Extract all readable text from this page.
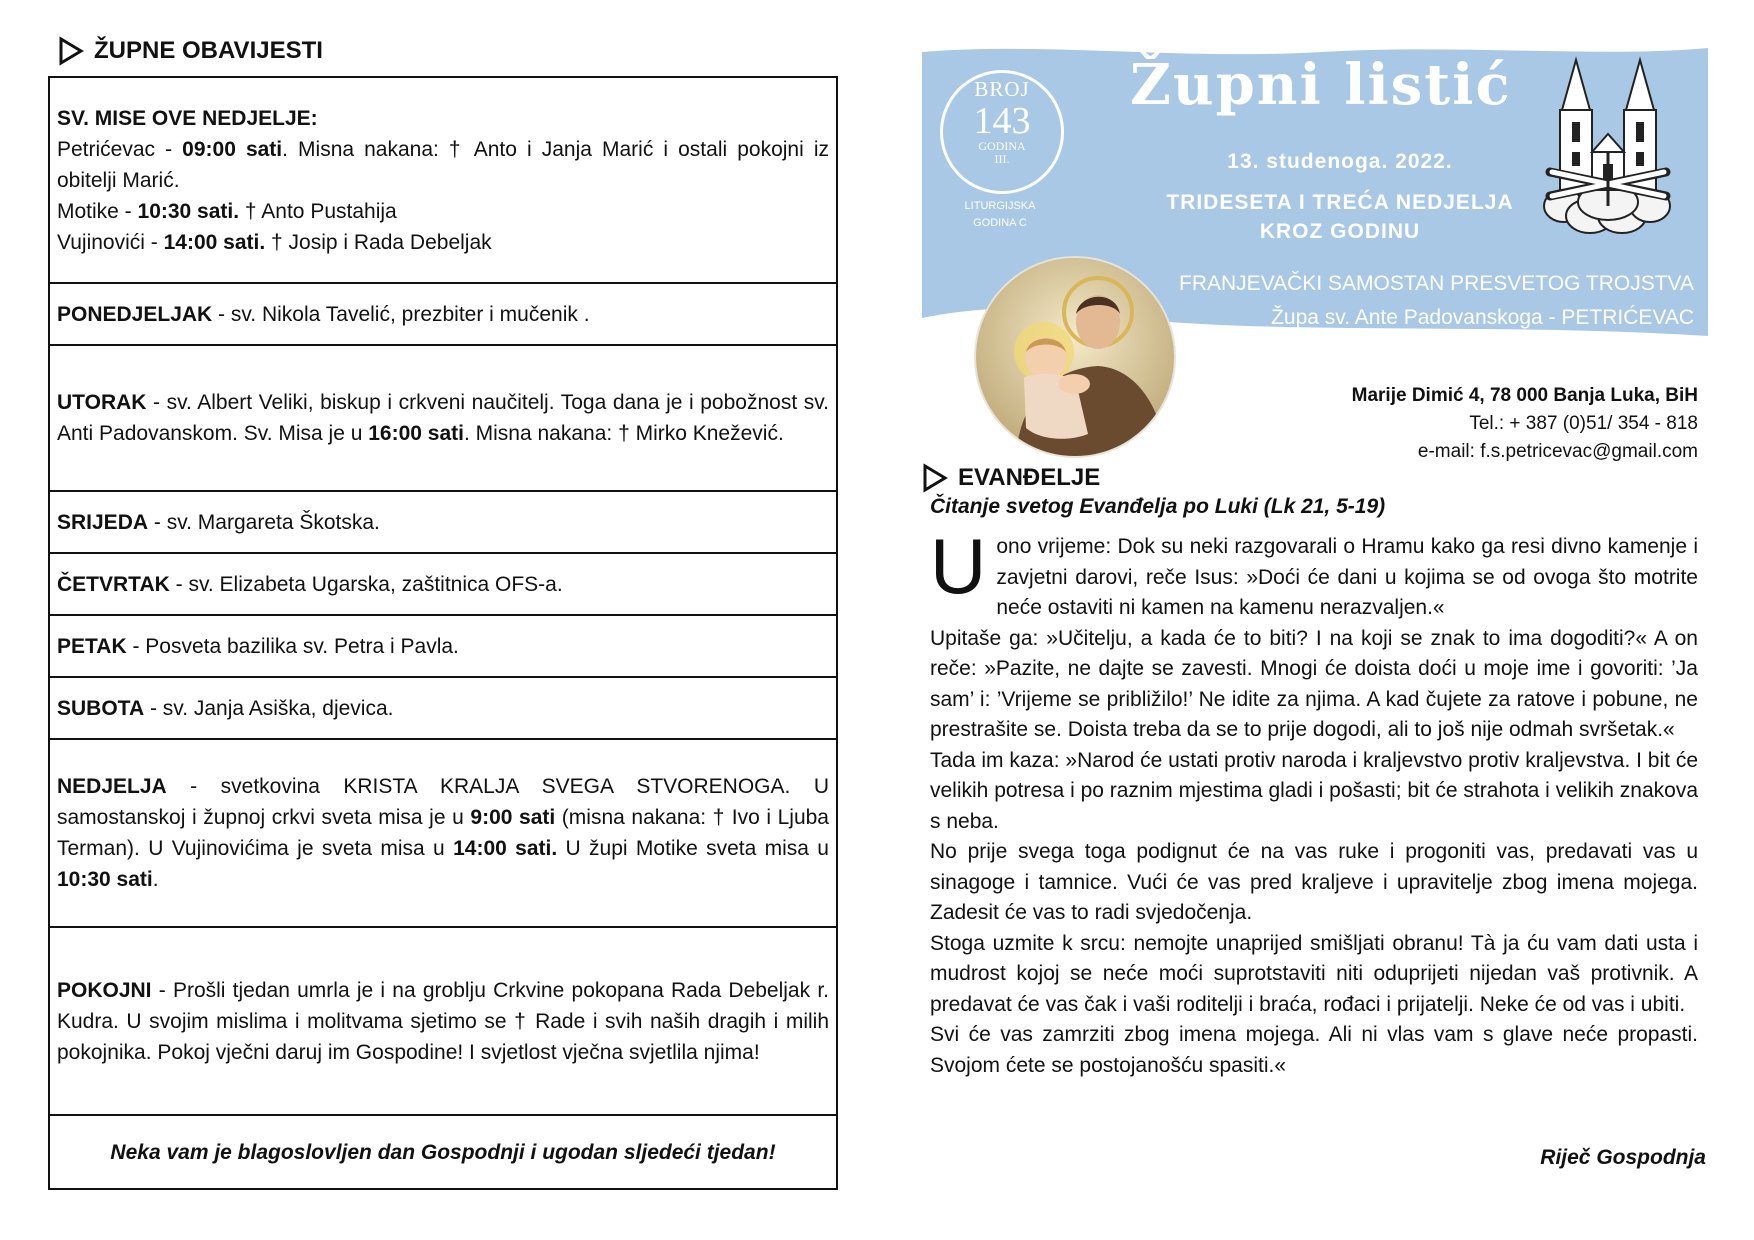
ŽUPNE OBAVIJESTI

SV. MISE OVE NEDJELJE:

Petrićevac - 09:00 sati. Misna nakana: † Anto i Janja Marić i ostali pokojni iz obitelji Marić.

Motike - 10:30 sati. † Anto Pustahija

Vujinovići - 14:00 sati. † Josip i Rada Debeljak

PONEDJELJAK - sv. Nikola Tavelić, prezbiter i mučenik .

UTORAK - sv. Albert Veliki, biskup i crkveni naučitelj. Toga dana je i pobožnost sv. Anti Padovanskom. Sv. Misa je u 16:00 sati. Misna nakana: † Mirko Knežević.

SRIJEDA - sv. Margareta Škotska.

ČETVRTAK - sv. Elizabeta Ugarska, zaštitnica OFS-a.

PETAK - Posveta bazilika sv. Petra i Pavla.

SUBOTA - sv. Janja Asiška, djevica.

NEDJELJA - svetkovina KRISTA KRALJA SVEGA STVORENOGA. U samostanskoj i župnoj crkvi sveta misa je u 9:00 sati (misna nakana: † Ivo i Ljuba Terman). U Vujinovićima je sveta misa u 14:00 sati. U župi Motike sveta misa u 10:30 sati.

POKOJNI - Prošli tjedan umrla je i na groblju Crkvine pokopana Rada Debeljak r. Kudra. U svojim mislima i molitvama sjetimo se † Rade i svih naših dragih i milih pokojnika. Pokoj vječni daruj im Gospodine! I svjetlost vječna svjetlila njima!

Neka vam je blagoslovljen dan Gospodnji i ugodan sljedeći tjedan!

BROJ
143
GODINA
III.
LITURGIJSKA
GODINA C
Župni listić
13. studenoga. 2022.
TRIDESETA I TREĆA NEDJELJA
KROZ GODINU
FRANJEVAČKI SAMOSTAN PRESVETOG TROJSTVA
Župa sv. Ante Padovanskoga - PETRIĆEVAC
Župa sv. Petra i Pavla - MOTIKE
Marije Dimić 4, 78 000 Banja Luka, BiH
Tel.: + 387 (0)51/ 354 - 818
e-mail: f.s.petricevac@gmail.com
EVANĐELJE
Čitanje svetog Evanđelja po Luki (Lk 21, 5-19)

U ono vrijeme: Dok su neki razgovarali o Hramu kako ga resi divno kamenje i zavjetni darovi, reče Isus: »Doći će dani u kojima se od ovoga što motrite neće ostaviti ni kamen na kamenu nerazvaljen.«

Upitaše ga: »Učitelju, a kada će to biti? I na koji se znak to ima dogoditi?« A on reče: »Pazite, ne dajte se zavesti. Mnogi će doista doći u moje ime i govoriti: ’Ja sam’ i: ’Vrijeme se približilo!’ Ne idite za njima. A kad čujete za ratove i pobune, ne prestrašite se. Doista treba da se to prije dogodi, ali to još nije odmah svršetak.«

Tada im kaza: »Narod će ustati protiv naroda i kraljevstvo protiv kraljevstva. I bit će velikih potresa i po raznim mjestima gladi i pošasti; bit će strahota i velikih znakova s neba.

No prije svega toga podignut će na vas ruke i progoniti vas, predavati vas u sinagoge i tamnice. Vući će vas pred kraljeve i upravitelje zbog imena mojega. Zadesit će vas to radi svjedočenja.

Stoga uzmite k srcu: nemojte unaprijed smišljati obranu! Tà ja ću vam dati usta i mudrost kojoj se neće moći suprotstaviti niti oduprijeti nijedan vaš protivnik. A predavat će vas čak i vaši roditelji i braća, rođaci i prijatelji. Neke će od vas i ubiti.

Svi će vas zamrziti zbog imena mojega. Ali ni vlas vam s glave neće propasti. Svojom ćete se postojanošću spasiti.«

Riječ Gospodnja
